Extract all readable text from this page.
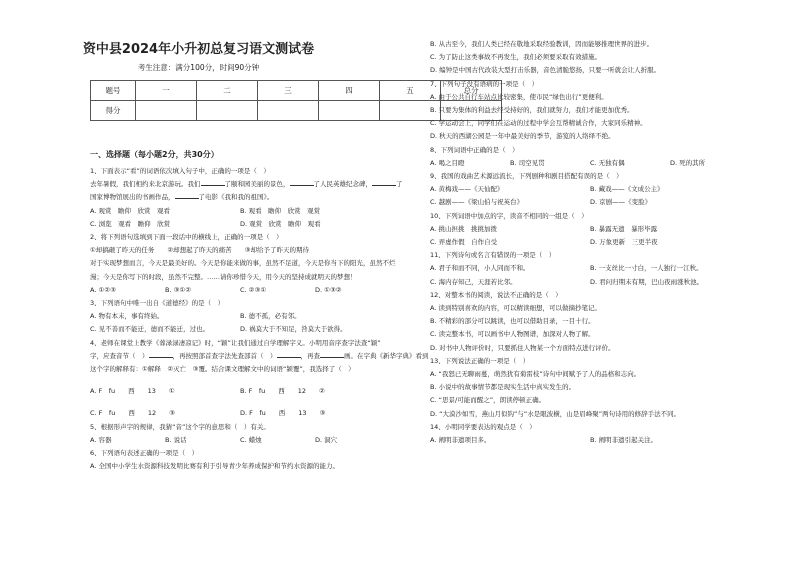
资中县2024年小升初总复习语文测试卷
考生注意：满分100分，时间90分钟
题号	一	二	三	四	五	总分
得分						
一、选择题（每小题2分，共30分）
1、下面表示“看”的词语依次填入句子中，正确的一项是（　）
去年暑假，我们相约来北京游玩。我们	了颐和园美丽的景色，	了人民英雄纪念碑，	了
国家博物馆展出的书画作品，	了电影《我和我的祖国》。
A. 观赏　瞻仰　欣赏　观看	B. 观看　瞻仰　欣赏　观赏
C. 浏览　观看　瞻仰　欣赏	D. 观赏　欣赏　瞻仰　观看
2、将下列语句选填到下面一段话中的横线上，正确的一项是（　）
①却搞砸了昨天的任务　　②却想起了昨天的痛苦　　③却给予了昨天的期待
对于实现梦想而言，今天是最美好的。今天是你能来做的事，虽然不足道，今天是你当下的阳光，虽然不烂
漫；今天是你写下的时段，虽然不完整。……请你珍惜今天，用今天的坚持成就明天的梦想！
A. ①②③	B. ③①②	C. ②③①	D. ①③②
3、下列语句中唯一出自《道德经》的是（　）
A. 物有本末，事有终始。	B. 德不孤，必有邻。
C. 见不善而不能迁，德而不能迁，过也。	D. 祸莫大于不知足，咎莫大于欲得。
4、老师在课堂上教学《蓉渌渌凄凉记》时，“颖”让我们通过自学理解字义。小明用音序查字法查“颖”
字，应查音节（　）	，再按照部首查字法先查部首（　）	，再查	画。在字典《新华字典》看到
这个字的解释有：①解释　②灭亡　③覆。结合课文理解文中的词语“颍覆”，我选择了（　）
A. F　fu　　西　　13　　①	B. F　fu　　西　　12　　②
C. F　fu　　西　　12　　③	D. F　fu　　西　　13　　③
5、根据形声字的规律，我猜“音”这个字的意思和（　）有关。
A. 容器	B. 说话	C. 蜡烛	D. 洞穴
6、下列语句表述正确的一项是（　）
A. 全国中小学生水资源科技发明比赛有利于引导青少年养成保护和节约水资源的能力。
B. 从古至今，我们人类已经在敬地采取经验教训，因而能够推理世界的进步。
C. 为了防止这类事故不再发生，我们必须要采取有效措施。
D. 编钟是中国古代改装大型打击乐器，音色清脆悠扬，只要一听就会让人折服。
7、下列句子没有语病的一项是（　）
A. 由于公共自行车站点比较密集，使市民“绿色出行”更便利。
B. 只要为集体的利益去经受持好的，我们就努力，我们才能更加优秀。
C. 学运动会上，同学们在运动的过程中学会互帮精诚合作，大家同乐精神。
D. 秋天的西湖公园是一年中最美好的季节，游览的人络绎不绝。
8、下列词语中正确的是（　）
A. 喝之目瞪	B. 司空见贯	C. 无独有偶	D. 死的其所
9、我国的戏曲艺术源远流长，下列剧种和剧目搭配有误的是（　）
A. 黄梅戏——《天仙配》	B. 藏戏——《文成公主》
C. 越剧——《梁山伯与祝英台》	D. 京剧——《变脸》
10、下列词语中加点的字，读音不相同的一组是（　）
A. 挑山担挑　挑挑加拨	B. 暴露无遗　暴形毕露
C. 弄虚作假　自作自受	D. 万象更新　三更半夜
11、下列诗句或名言有错误的一项是（　）
A. 君子和而不同，小人同而不和。	B. 一支丝比一寸白，一人独行一江秋。
C. 海内存知己，天涯若比邻。	D. 君问归期未有期，巴山夜雨涨秋池。
12、对整本书的阅读，说法不正确的是（　）
A. 读到特别喜欢的内容，可以精读细想，可以做摘抄笔记。
B. 不精彩的部分可以跳读，也可以借助目录，一目十行。
C. 读完整本书，可以画书中人物图谱，加深对人物了解。
D. 对书中人物评价时，只要抓住人物某一个方面特点进行评价。
13、下列说法正确的一项是（　）
A. “我怒已无聊雨蔓，萌然犹有菊雷枝”诗句中间赋予了人的品格和志向。
B. 小说中的故事情节都是现实生活中真实发生的。
C. “思景/可能而醒之”，朗读停顿正确。
D. “大漠沙如雪，燕山月似钩”与“水是眼波横，山是眉峰聚”两句诗用的修辞手法不同。
14、小明同学要表达的观点是（　）
A. 阐明非遗项目多。	B. 阐明非遗引起关注。
